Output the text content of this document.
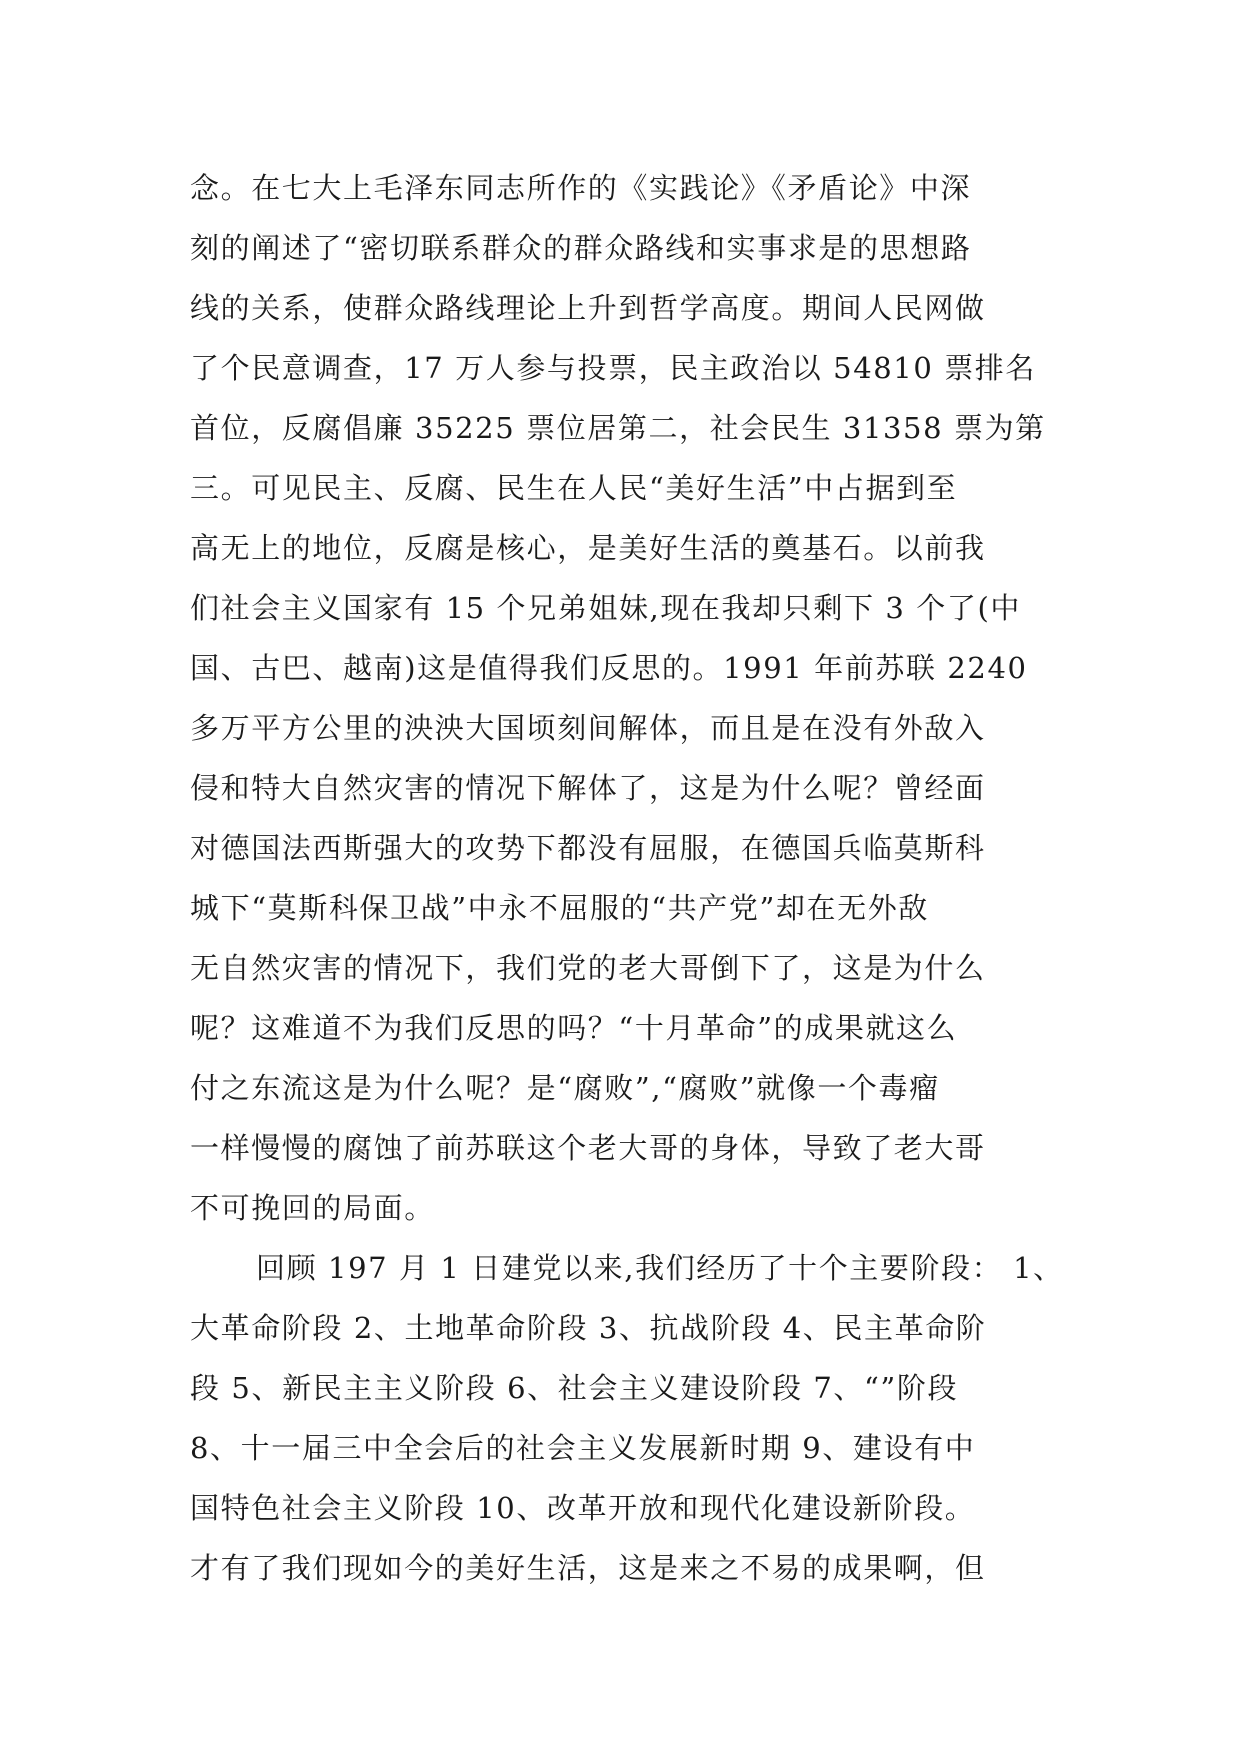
念。在七大上毛泽东同志所作的《实践论》《矛盾论》中深
刻的阐述了“密切联系群众的群众路线和实事求是的思想路
线的关系，使群众路线理论上升到哲学高度。期间人民网做
了个民意调查，17 万人参与投票，民主政治以 54810 票排名
首位，反腐倡廉 35225 票位居第二，社会民生 31358 票为第
三。可见民主、反腐、民生在人民“美好生活”中占据到至
高无上的地位，反腐是核心，是美好生活的奠基石。以前我
们社会主义国家有 15 个兄弟姐妹,现在我却只剩下 3 个了(中
国、古巴、越南)这是值得我们反思的。1991 年前苏联 2240
多万平方公里的泱泱大国顷刻间解体，而且是在没有外敌入
侵和特大自然灾害的情况下解体了，这是为什么呢？曾经面
对德国法西斯强大的攻势下都没有屈服，在德国兵临莫斯科
城下“莫斯科保卫战”中永不屈服的“共产党”却在无外敌
无自然灾害的情况下，我们党的老大哥倒下了，这是为什么
呢？这难道不为我们反思的吗？“十月革命”的成果就这么
付之东流这是为什么呢？是“腐败”,“腐败”就像一个毒瘤
一样慢慢的腐蚀了前苏联这个老大哥的身体，导致了老大哥
不可挽回的局面。
回顾 197 月 1 日建党以来,我们经历了十个主要阶段： 1、
大革命阶段 2、土地革命阶段 3、抗战阶段 4、民主革命阶
段 5、新民主主义阶段 6、社会主义建设阶段 7、“”阶段
8、十一届三中全会后的社会主义发展新时期 9、建设有中
国特色社会主义阶段 10、改革开放和现代化建设新阶段。
才有了我们现如今的美好生活，这是来之不易的成果啊，但
